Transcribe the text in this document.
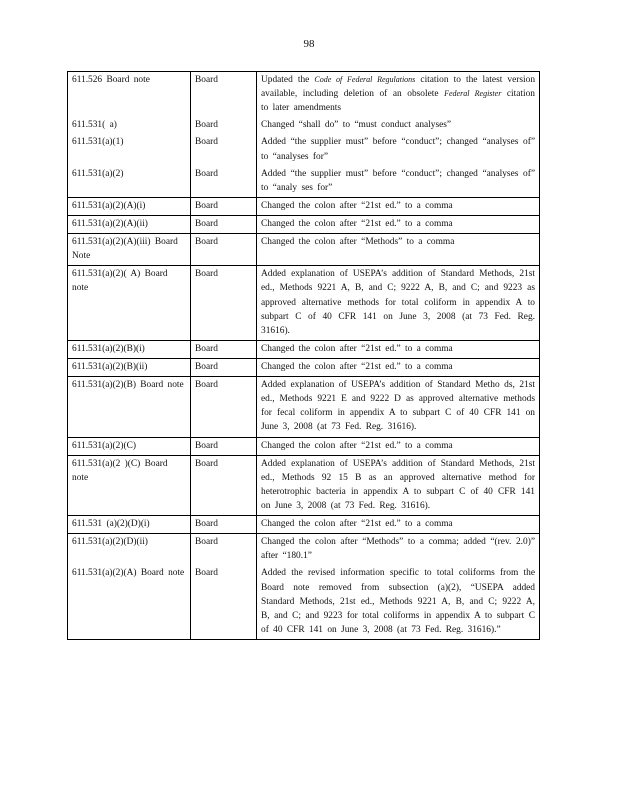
98
611.526 Board note	Board	Updated the Code of Federal Regulations citation to the latest version available, including deletion of an obsolete Federal Register citation to later amendments
611.531( a)	Board	Changed “shall do” to “must conduct analyses”
611.531(a)(1)	Board	Added “the supplier must” before “conduct”; changed “analyses of” to “analyses for”
611.531(a)(2)	Board	Added “the supplier must” before “conduct”; changed “analyses of” to “analy ses for”
611.531(a)(2)(A)(i)	Board	Changed the colon after “21st ed.” to a comma
611.531(a)(2)(A)(ii)	Board	Changed the colon after “21st ed.” to a comma
611.531(a)(2)(A)(iii) Board Note	Board	Changed the colon after “Methods” to a comma
611.531(a)(2)( A) Board note	Board	Added explanation of USEPA’s addition of Standard Methods, 21st ed., Methods 9221 A, B, and C; 9222 A, B, and C; and 9223 as approved alternative methods for total coliform in appendix A to subpart C of 40 CFR 141 on June 3, 2008 (at 73 Fed. Reg. 31616).
611.531(a)(2)(B)(i)	Board	Changed the colon after “21st ed.” to a comma
611.531(a)(2)(B)(ii)	Board	Changed the colon after “21st ed.” to a comma
611.531(a)(2)(B) Board note	Board	Added explanation of USEPA’s addition of Standard Metho ds, 21st ed., Methods 9221 E and 9222 D as approved alternative methods for fecal coliform in appendix A to subpart C of 40 CFR 141 on June 3, 2008 (at 73 Fed. Reg. 31616).
611.531(a)(2)(C)	Board	Changed the colon after “21st ed.” to a comma
611.531(a)(2 )(C) Board note	Board	Added explanation of USEPA’s addition of Standard Methods, 21st ed., Methods 92 15 B as an approved alternative method for heterotrophic bacteria in appendix A to subpart C of 40 CFR 141 on June 3, 2008 (at 73 Fed. Reg. 31616).
611.531 (a)(2)(D)(i)	Board	Changed the colon after “21st ed.” to a comma
611.531(a)(2)(D)(ii)	Board	Changed the colon after “Methods” to a comma; added “(rev. 2.0)” after “180.1”
611.531(a)(2)(A) Board note	Board	Added the revised information specific to total coliforms from the Board note removed from subsection (a)(2), “USEPA added Standard Methods, 21st ed., Methods 9221 A, B, and C; 9222 A, B, and C; and 9223 for total coliforms in appendix A to subpart C of 40 CFR 141 on June 3, 2008 (at 73 Fed. Reg. 31616).”
